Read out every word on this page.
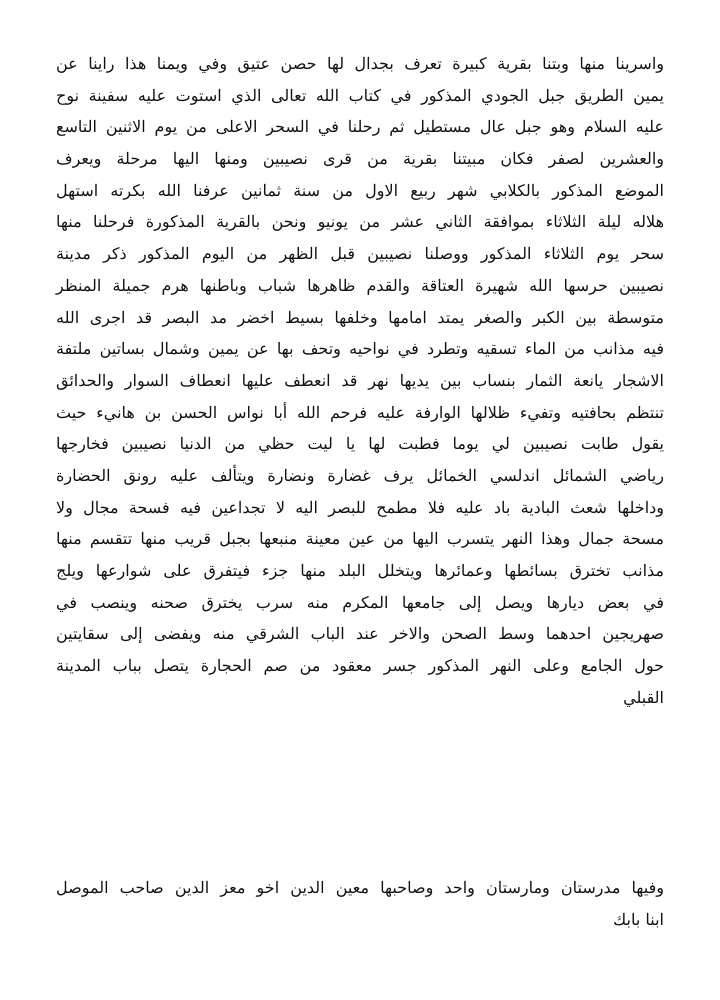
واسرينا منها وبتنا بقرية كبيرة تعرف بجدال لها حصن عتيق وفي ويمنا هذا راينا عن
يمين الطريق جبل الجودي المذكور في كتاب الله تعالى الذي استوت عليه سفينة نوح
عليه السلام وهو جبل عال مستطيل ثم رحلنا في السحر الاعلى من يوم الاثنين التاسع
والعشرين لصفر فكان مبيتنا بقرية من قرى نصيبين ومنها اليها مرحلة ويعرف
الموضع المذكور بالكلابي شهر ربيع الاول من سنة ثمانين عرفنا الله بكرته استهل
هلاله ليلة الثلاثاء بموافقة الثاني عشر من يونيو ونحن بالقرية المذكورة فرحلنا منها
سحر يوم الثلاثاء المذكور ووصلنا نصيبين قبل الظهر من اليوم المذكور ذكر مدينة
نصيبين حرسها الله شهيرة العتاقة والقدم ظاهرها شباب وباطنها هرم جميلة المنظر
متوسطة بين الكبر والصغر يمتد امامها وخلفها بسيط اخضر مد البصر قد اجرى الله
فيه مذانب من الماء تسقيه وتطرد في نواحيه وتحف بها عن يمين وشمال بساتين ملتفة
الاشجار يانعة الثمار بنساب بين يديها نهر قد انعطف عليها انعطاف السوار والحدائق
تنتظم بحافتيه وتفيء ظلالها الوارفة عليه فرحم الله أبا نواس الحسن بن هانيء حيث
يقول طابت نصيبين لي يوما فطبت لها يا ليت حظي من الدنيا نصيبين فخارجها
رياضي الشمائل اندلسي الخمائل يرف غضارة ونضارة ويتألف عليه رونق الحضارة
وداخلها شعث البادية باد عليه فلا مطمح للبصر اليه لا تجداعين فيه فسحة مجال ولا
مسحة جمال وهذا النهر يتسرب اليها من عين معينة منبعها بجبل قريب منها تتقسم منها
مذانب تخترق بسائطها وعمائرها ويتخلل البلد منها جزء فيتفرق على شوارعها ويلج
في بعض ديارها ويصل إلى جامعها المكرم منه سرب يخترق صحنه وينصب في
صهريجين احدهما وسط الصحن والاخر عند الباب الشرقي منه ويفضى إلى سقايتين
حول الجامع وعلى النهر المذكور جسر معقود من صم الحجارة يتصل بباب المدينة
القبلي
وفيها مدرستان ومارستان واحد وصاحبها معين الدين اخو معز الدين صاحب الموصل
ابنا بابك
